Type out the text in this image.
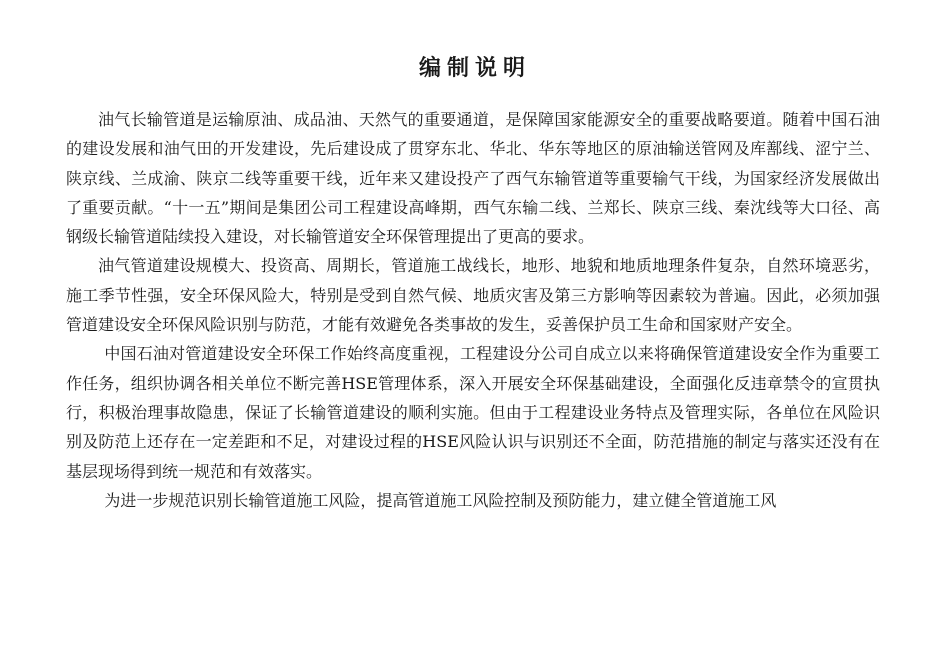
编制说明

油气长输管道是运输原油、成品油、天然气的重要通道，是保障国家能源安全的重要战略要道。随着中国石油的建设发展和油气田的开发建设，先后建设成了贯穿东北、华北、华东等地区的原油输送管网及库鄯线、涩宁兰、陕京线、兰成渝、陕京二线等重要干线，近年来又建设投产了西气东输管道等重要输气干线，为国家经济发展做出了重要贡献。“十一五”期间是集团公司工程建设高峰期，西气东输二线、兰郑长、陕京三线、秦沈线等大口径、高钢级长输管道陆续投入建设，对长输管道安全环保管理提出了更高的要求。

油气管道建设规模大、投资高、周期长，管道施工战线长，地形、地貌和地质地理条件复杂，自然环境恶劣，施工季节性强，安全环保风险大，特别是受到自然气候、地质灾害及第三方影响等因素较为普遍。因此，必须加强管道建设安全环保风险识别与防范，才能有效避免各类事故的发生，妥善保护员工生命和国家财产安全。

中国石油对管道建设安全环保工作始终高度重视，工程建设分公司自成立以来将确保管道建设安全作为重要工作任务，组织协调各相关单位不断完善HSE管理体系，深入开展安全环保基础建设，全面强化反违章禁令的宣贯执行，积极治理事故隐患，保证了长输管道建设的顺利实施。但由于工程建设业务特点及管理实际，各单位在风险识别及防范上还存在一定差距和不足，对建设过程的HSE风险认识与识别还不全面，防范措施的制定与落实还没有在基层现场得到统一规范和有效落实。

为进一步规范识别长输管道施工风险，提高管道施工风险控制及预防能力，建立健全管道施工风
